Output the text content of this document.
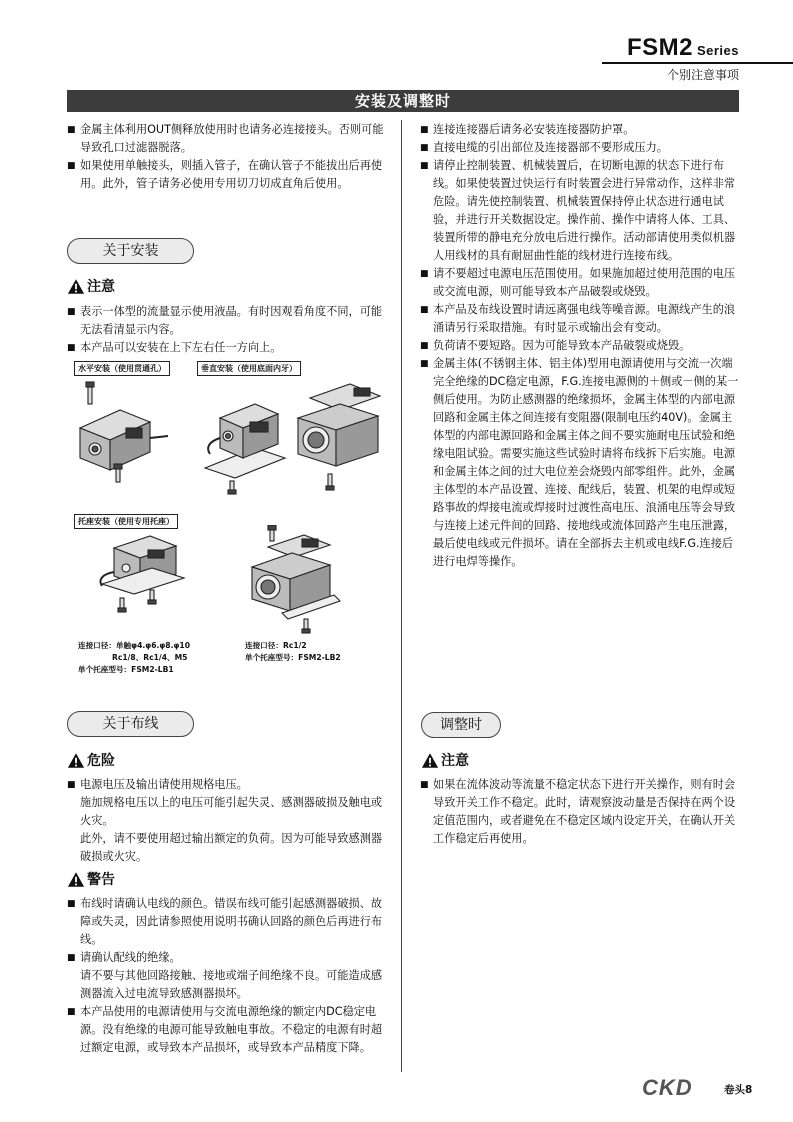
FSM2 Series
个别注意事项
安装及调整时

■ 金属主体利用OUT侧释放使用时也请务必连接接头。否则可能导致孔口过滤器脱落。

■ 如果使用单触接头，则插入管子，在确认管子不能拔出后再使用。此外，管子请务必使用专用切刀切成直角后使用。

关于安装
注意

■ 表示一体型的流量显示使用液晶。有时因观看角度不同，可能无法看清显示内容。

■ 本产品可以安装在上下左右任一方向上。

水平安装（使用贯通孔）	垂直安装（使用底面内牙）
托座安装（使用专用托座）
连接口径：单触φ4.φ6.φ8.φ10
Rc1/8、Rc1/4、M5
单个托座型号：FSM2-LB1
连接口径：Rc1/2
单个托座型号：FSM2-LB2
关于布线
危险

■ 电源电压及输出请使用规格电压。

施加规格电压以上的电压可能引起失灵、感测器破损及触电或火灾。

此外，请不要使用超过输出额定的负荷。因为可能导致感测器破损或火灾。

警告

■ 布线时请确认电线的颜色。错误布线可能引起感测器破损、故障或失灵，因此请参照使用说明书确认回路的颜色后再进行布线。

■ 请确认配线的绝缘。

请不要与其他回路接触、接地或端子间绝缘不良。可能造成感测器流入过电流导致感测器损坏。

■ 本产品使用的电源请使用与交流电源绝缘的额定内DC稳定电源。没有绝缘的电源可能导致触电事故。不稳定的电源有时超过额定电源，或导致本产品损坏，或导致本产品精度下降。

■ 连接连接器后请务必安装连接器防护罩。

■ 直接电缆的引出部位及连接器部不要形成压力。

■ 请停止控制装置、机械装置后，在切断电源的状态下进行布线。如果使装置过快运行有时装置会进行异常动作，这样非常危险。请先使控制装置、机械装置保持停止状态进行通电试验，并进行开关数据设定。操作前、操作中请将人体、工具、装置所带的静电充分放电后进行操作。活动部请使用类似机器人用线材的具有耐屈曲性能的线材进行连接布线。

■ 请不要超过电源电压范围使用。如果施加超过使用范围的电压或交流电源，则可能导致本产品破裂或烧毁。

■ 本产品及布线设置时请远离强电线等噪音源。电源线产生的浪涌请另行采取措施。有时显示或输出会有变动。

■ 负荷请不要短路。因为可能导致本产品破裂或烧毁。

■ 金属主体(不锈钢主体、铝主体)型用电源请使用与交流一次端完全绝缘的DC稳定电源，F.G.连接电源侧的＋侧或－侧的某一侧后使用。为防止感测器的绝缘损坏，金属主体型的内部电源回路和金属主体之间连接有变阻器(限制电压约40V)。金属主体型的内部电源回路和金属主体之间不要实施耐电压试验和绝缘电阻试验。需要实施这些试验时请将布线拆下后实施。电源和金属主体之间的过大电位差会烧毁内部零组件。此外，金属主体型的本产品设置、连接、配线后，装置、机架的电焊或短路事故的焊接电流或焊接时过渡性高电压、浪涌电压等会导致与连接上述元件间的回路、接地线或流体回路产生电压泄露，最后使电线或元件损坏。请在全部拆去主机或电线F.G.连接后进行电焊等操作。

调整时
注意

■ 如果在流体波动等流量不稳定状态下进行开关操作，则有时会导致开关工作不稳定。此时，请观察波动量是否保持在两个设定值范围内，或者避免在不稳定区域内设定开关，在确认开关工作稳定后再使用。

CKD	卷头8
